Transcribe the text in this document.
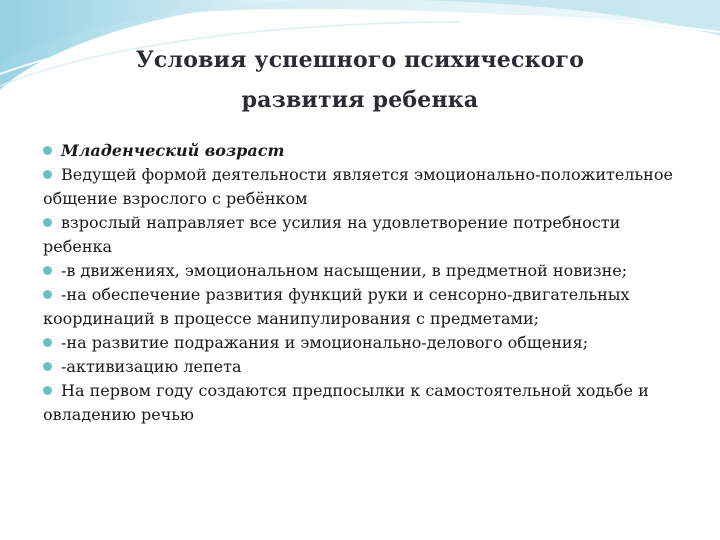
Условия успешного психического
развития ребенка

Младенческий возраст

Ведущей формой деятельности является эмоционально-положительное общение взрослого с ребёнком

взрослый направляет все усилия на удовлетворение потребности ребенка

-в движениях, эмоциональном насыщении, в предметной новизне;

-на обеспечение развития функций руки и сенсорно-двигательных координаций в процессе манипулирования с предметами;

-на развитие подражания и эмоционально-делового общения;

-активизацию лепета

На первом году создаются предпосылки к самостоятельной ходьбе и овладению речью
